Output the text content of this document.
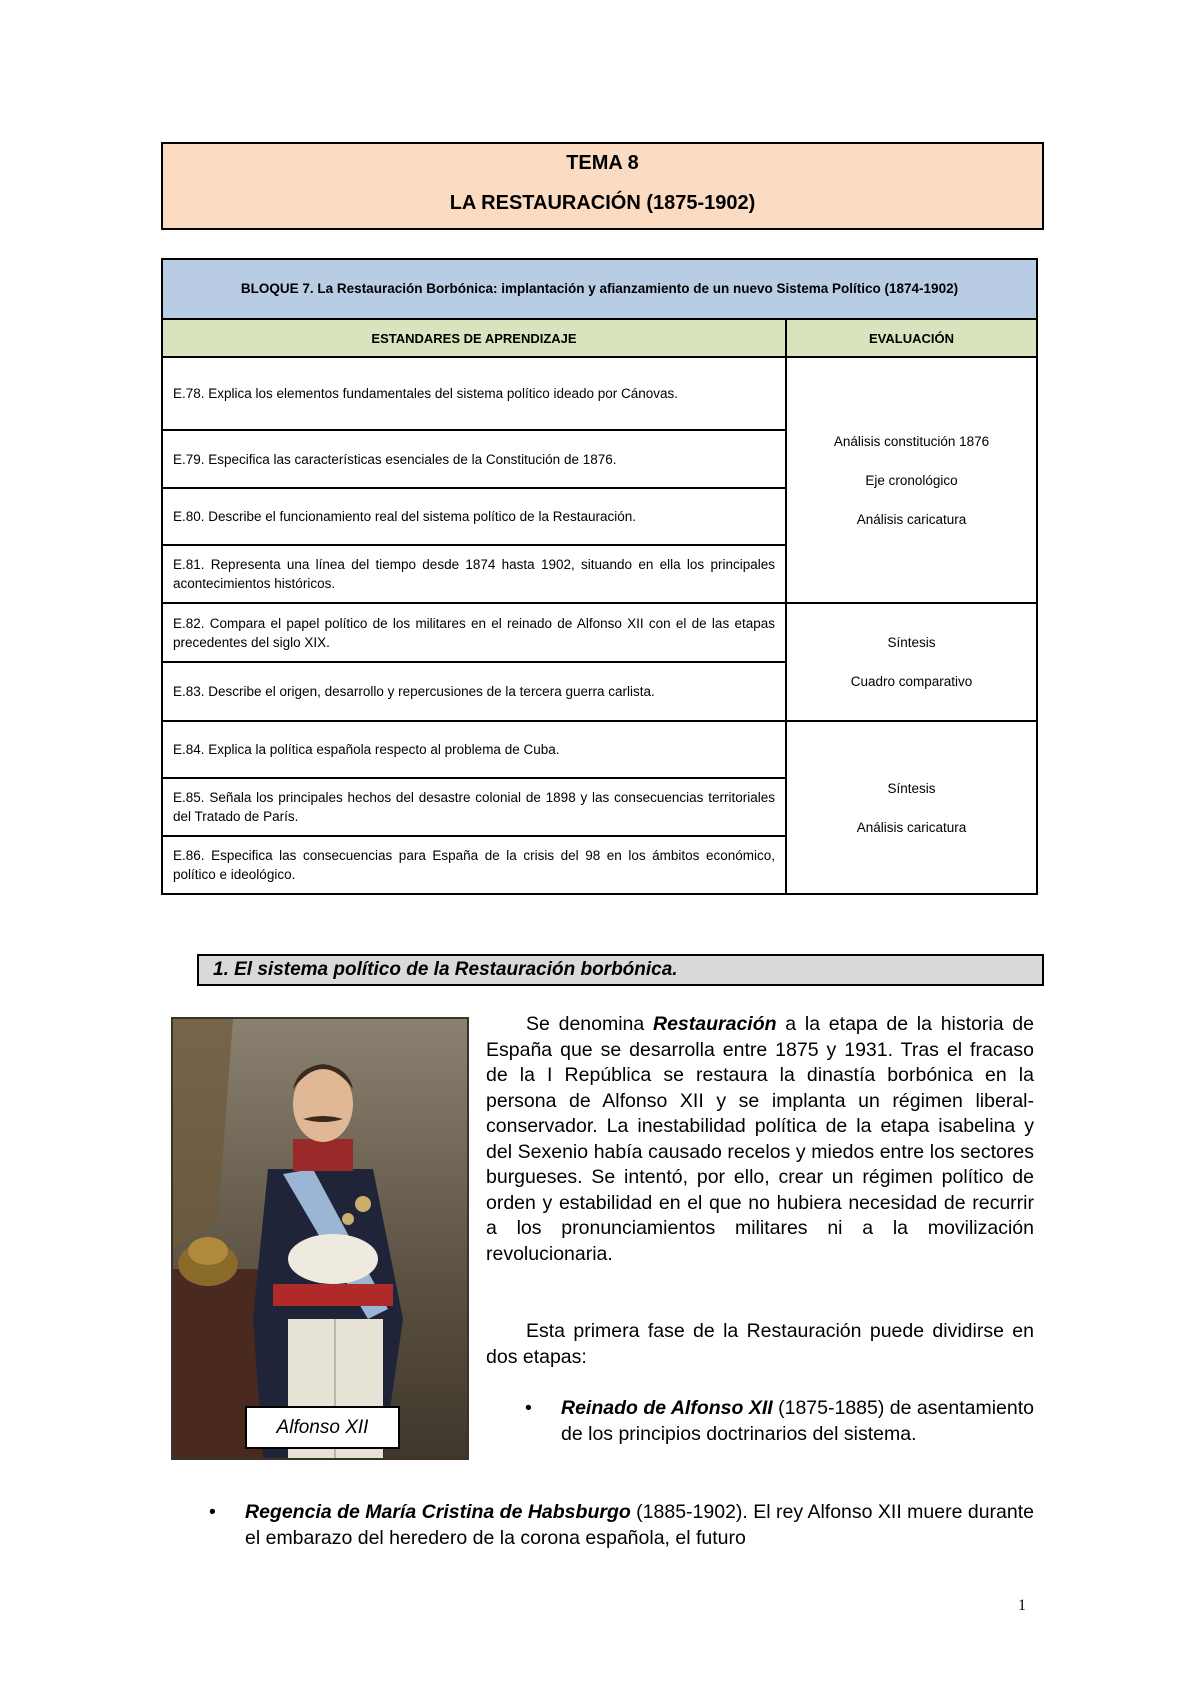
TEMA 8
LA RESTAURACIÓN (1875-1902)
BLOQUE 7. La Restauración Borbónica: implantación y afianzamiento de un nuevo Sistema Político (1874-1902)	
ESTANDARES DE APRENDIZAJE	EVALUACIÓN
E.78. Explica los elementos fundamentales del sistema político ideado por Cánovas.	Análisis constitución 1876
Eje cronológico
Análisis caricatura

E.79. Especifica las características esenciales de la Constitución de 1876.	
E.80. Describe el funcionamiento real del sistema político de la Restauración.	
E.81. Representa una línea del tiempo desde 1874 hasta 1902, situando en ella los principales acontecimientos históricos.	
E.82. Compara el papel político de los militares en el reinado de Alfonso XII con el de las etapas precedentes del siglo XIX.	Síntesis
Cuadro comparativo

E.83. Describe el origen, desarrollo y repercusiones de la tercera guerra carlista.	
E.84. Explica la política española respecto al problema de Cuba.	Síntesis
Análisis caricatura

E.85. Señala los principales hechos del desastre colonial de 1898 y las consecuencias territoriales del Tratado de París.	
E.86. Especifica las consecuencias para España de la crisis del 98 en los ámbitos económico, político e ideológico.	
1. El sistema político de la Restauración borbónica.
Alfonso XII
Se denomina Restauración a la etapa de la historia de España que se desarrolla entre 1875 y 1931. Tras el fracaso de la I República se restaura la dinastía borbónica en la persona de Alfonso XII y se implanta un régimen liberal-conservador. La inestabilidad política de la etapa isabelina y del Sexenio había causado recelos y miedos entre los sectores burgueses. Se intentó, por ello, crear un régimen político de orden y estabilidad en el que no hubiera necesidad de recurrir a los pronunciamientos militares ni a la movilización revolucionaria.
Esta primera fase de la Restauración puede dividirse en dos etapas:
• Reinado de Alfonso XII (1875-1885) de asentamiento de los principios doctrinarios del sistema.
• Regencia de María Cristina de Habsburgo (1885-1902). El rey Alfonso XII muere durante el embarazo del heredero de la corona española, el futuro
1
